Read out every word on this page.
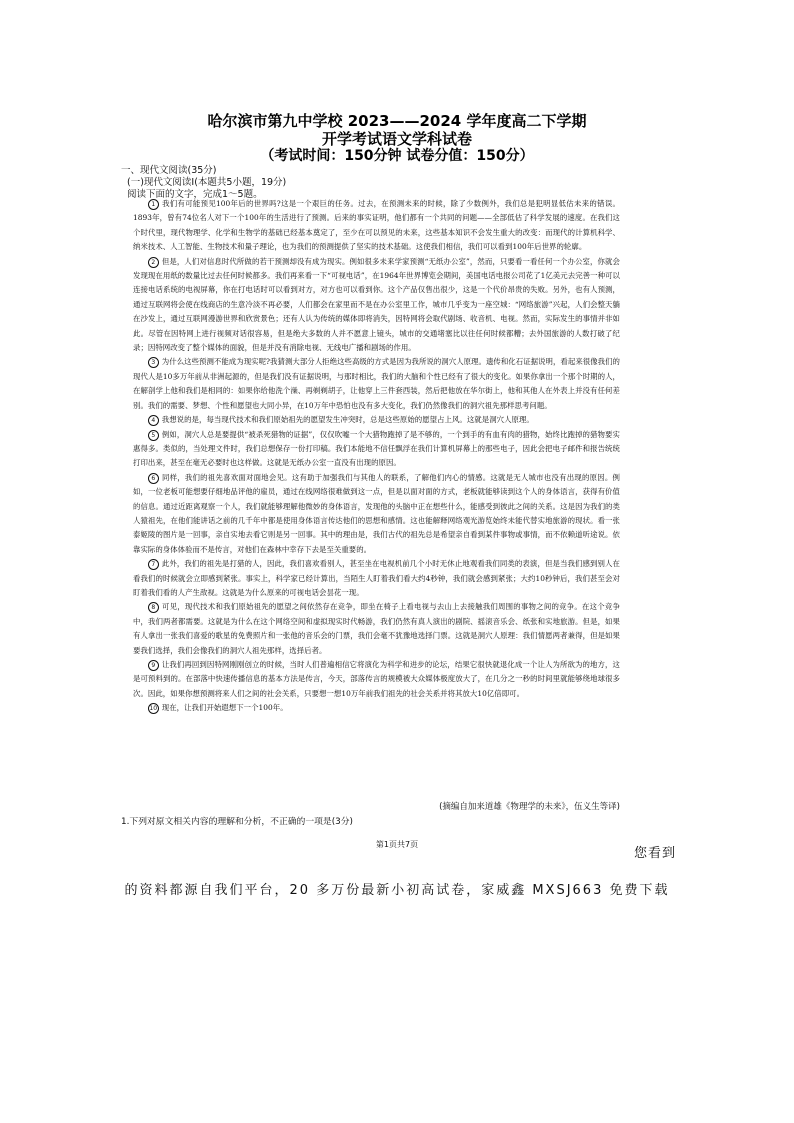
哈尔滨市第九中学校 2023——2024 学年度高二下学期
开学考试语文学科试卷
（考试时间：150分钟 试卷分值：150分）
一、现代文阅读(35分)
(一)现代文阅读Ⅰ(本题共5小题，19分)
阅读下面的文字，完成1～5题。

1 我们有可能预见100年后的世界吗?这是一个艰巨的任务。过去，在预测未来的时候，除了少数例外，我们总是犯明显低估未来的错误。1893年，曾有74位名人对下一个100年的生活进行了预测。后来的事实证明，他们都有一个共同的问题——全部低估了科学发展的速度。在我们这个时代里，现代物理学、化学和生物学的基础已经基本奠定了，至少在可以预见的未来，这些基本知识不会发生重大的改变：而现代的计算机科学、纳米技术、人工智能、生物技术和量子理论，也为我们的预测提供了坚实的技术基础。这使我们相信，我们可以看到100年后世界的轮廓。

2 但是，人们对信息时代所做的若干预测却没有成为现实。例如很多未来学家预测“无纸办公室”，然而，只要看一看任何一个办公室，你就会发现现在用纸的数量比过去任何时候都多。我们再来看一下“可视电话”，在1964年世界博览会期间，美国电话电报公司花了1亿美元去完善一种可以连接电话系统的电视屏幕，你在打电话时可以看到对方，对方也可以看到你。这个产品仅售出很少，这是一个代价昂贵的失败。另外，也有人预测，通过互联网将会使在线商店的生意冷淡不再必要，人们都会在家里而不是在办公室里工作，城市几乎变为一座空城：“网络旅游”兴起，人们会整天躺在沙发上，通过互联网漫游世界和欣赏景色；还有人认为传统的媒体即将消失，因特网将会取代剧场、收音机、电视。然而，实际发生的事情并非如此。尽管在因特网上进行视频对话很容易，但是绝大多数的人并不愿意上镜头，城市的交通堵塞比以往任何时候都糟；去外国旅游的人数打破了纪录；因特网改变了整个媒体的面貌，但是并没有消除电视、无线电广播和剧场的作用。

3 为什么这些预测不能成为现实呢?我猜测大部分人拒绝这些高级的方式是因为我所说的洞穴人原理。遗传和化石证据说明，看起来很像我们的现代人是10多万年前从非洲起源的，但是我们没有证据说明，与那时相比，我们的大脑和个性已经有了很大的变化。如果你拿出一个那个时期的人，在解剖学上他和我们是相同的：如果你给他洗个澡、再剃剃胡子，让他穿上三件套西装，然后把他放在华尔街上，他和其他人在外表上并没有任何差别。我们的需要、梦想、个性和愿望也大同小异，在10万年中恐怕也没有多大变化，我们仍然像我们的洞穴祖先那样思考问题。

4 我想说的是，每当现代技术和我们原始祖先的愿望发生冲突时，总是这些原始的愿望占上风。这就是洞穴人原理。

5 例如，洞穴人总是要提供“被杀死猎物的证据”，仅仅吹嘘一个大猎物跑掉了是不够的，一个到手的有血有肉的猎物，始终比跑掉的猎物要实惠得多。类似的，当处理文件时，我们总想保存一份打印稿。我们本能地不信任飘浮在我们计算机屏幕上的那些电子，因此会把电子邮件和报告统统打印出来，甚至在毫无必要时也这样做。这就是无纸办公室一直没有出现的原因。

6 同样，我们的祖先喜欢面对面地会见。这有助于加强我们与其他人的联系，了解他们内心的情感。这就是无人城市也没有出现的原因。例如，一位老板可能想要仔细地品评他的雇员，通过在线网络很难做到这一点，但是以面对面的方式，老板就能够读到这个人的身体语言，获得有价值的信息。通过近距离观察一个人，我们就能够理解他微妙的身体语言，发现他的头脑中正在想些什么，能感受到彼此之间的关系。这是因为我们的类人猿祖先，在他们能讲话之前的几千年中都是使用身体语言传达他们的思想和感情。这也能解释网络观光游览始终未能代替实地旅游的现状。看一张泰姬陵的图片是一回事，亲自实地去看它则是另一回事。其中的理由是，我们古代的祖先总是希望亲自看到某件事物或事情，而不依赖道听途说。依靠实际的身体体验而不是传言，对他们在森林中幸存下去是至关重要的。

7 此外，我们的祖先是打猎的人，因此，我们喜欢看别人，甚至坐在电视机前几个小时无休止地观看我们同类的表演，但是当我们感到别人在看我们的时候就会立即感到紧张。事实上，科学家已经计算出，当陌生人盯着我们看大约4秒钟，我们就会感到紧张；大约10秒钟后，我们甚至会对盯着我们看的人产生敌视。这就是为什么原来的可视电话会昙花一现。

8 可见，现代技术和我们原始祖先的愿望之间依然存在竞争，即坐在椅子上看电视与去山上去接触我们周围的事物之间的竞争。在这个竞争中，我们两者都需要。这就是为什么在这个网络空间和虚拟现实时代畅游，我们仍然有真人演出的剧院、摇滚音乐会、纸张和实地旅游。但是，如果有人拿出一张我们喜爱的歌星的免费照片和一张他的音乐会的门票，我们会毫不犹豫地选择门票。这就是洞穴人原理：我们情愿两者兼得，但是如果要我们选择，我们会像我们的洞穴人祖先那样，选择后者。

9 让我们再回到因特网刚刚创立的时候，当时人们普遍相信它将演化为科学和进步的论坛，结果它很快就退化成一个让人为所欲为的地方，这是可预料到的。在部落中快速传播信息的基本方法是传言，今天，部落传言的规模被大众媒体极度放大了，在几分之一秒的时间里就能够绕地球很多次。因此，如果你想预测将来人们之间的社会关系，只要想一想10万年前我们祖先的社会关系并将其放大10亿倍即可。

10 现在，让我们开始遐想下一个100年。

(摘编自加来道雄《物理学的未来》，伍义生等译)
1.下列对原文相关内容的理解和分析，不正确的一项是(3分)
第1页共7页
您看到
的资料都源自我们平台，20 多万份最新小初高试卷，家威鑫 MXSJ663 免费下载
